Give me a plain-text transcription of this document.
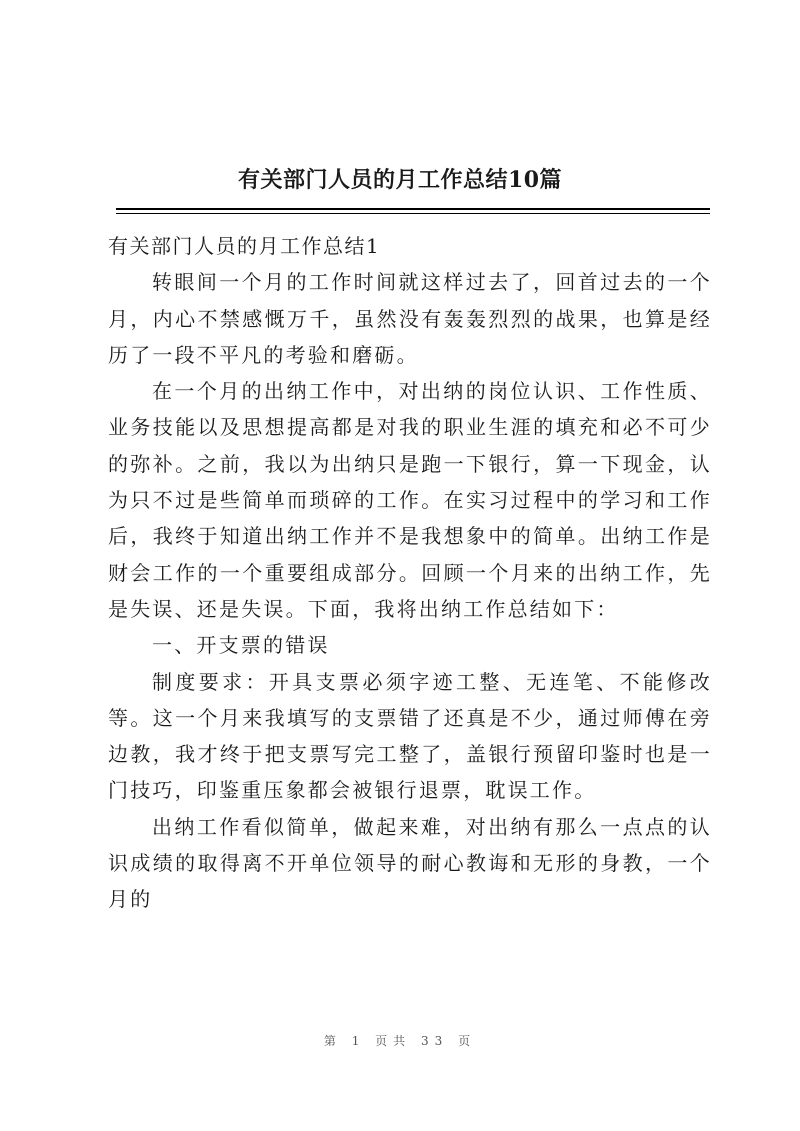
有关部门人员的月工作总结10篇

有关部门人员的月工作总结1

转眼间一个月的工作时间就这样过去了，回首过去的一个月，内心不禁感慨万千，虽然没有轰轰烈烈的战果，也算是经历了一段不平凡的考验和磨砺。

在一个月的出纳工作中，对出纳的岗位认识、工作性质、业务技能以及思想提高都是对我的职业生涯的填充和必不可少的弥补。之前，我以为出纳只是跑一下银行，算一下现金，认为只不过是些简单而琐碎的工作。在实习过程中的学习和工作后，我终于知道出纳工作并不是我想象中的简单。出纳工作是财会工作的一个重要组成部分。回顾一个月来的出纳工作，先是失误、还是失误。下面，我将出纳工作总结如下：

一、开支票的错误

制度要求：开具支票必须字迹工整、无连笔、不能修改等。这一个月来我填写的支票错了还真是不少，通过师傅在旁边教，我才终于把支票写完工整了，盖银行预留印鉴时也是一门技巧，印鉴重压象都会被银行退票，耽误工作。

出纳工作看似简单，做起来难，对出纳有那么一点点的认识成绩的取得离不开单位领导的耐心教诲和无形的身教，一个月的

第 1 页共 33 页
